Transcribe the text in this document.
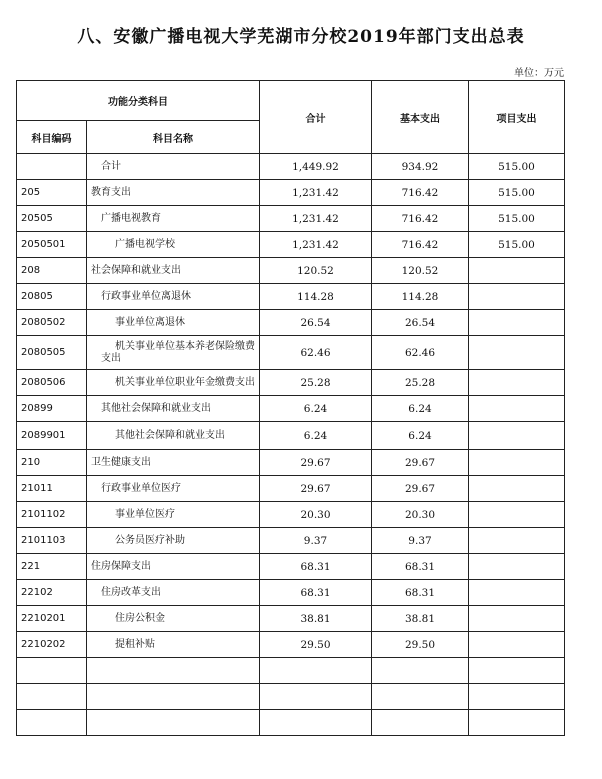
八、安徽广播电视大学芜湖市分校2019年部门支出总表
单位：万元
功能分类科目		合计	基本支出	项目支出
科目编码	科目名称			
	合计	1,449.92	934.92	515.00
205	教育支出	1,231.42	716.42	515.00
20505	广播电视教育	1,231.42	716.42	515.00
2050501	广播电视学校	1,231.42	716.42	515.00
208	社会保障和就业支出	120.52	120.52	
20805	行政事业单位离退休	114.28	114.28	
2080502	事业单位离退休	26.54	26.54	
2080505	机关事业单位基本养老保险缴费支出	62.46	62.46	
2080506	机关事业单位职业年金缴费支出	25.28	25.28	
20899	其他社会保障和就业支出	6.24	6.24	
2089901	其他社会保障和就业支出	6.24	6.24	
210	卫生健康支出	29.67	29.67	
21011	行政事业单位医疗	29.67	29.67	
2101102	事业单位医疗	20.30	20.30	
2101103	公务员医疗补助	9.37	9.37	
221	住房保障支出	68.31	68.31	
22102	住房改革支出	68.31	68.31	
2210201	住房公积金	38.81	38.81	
2210202	提租补贴	29.50	29.50	
